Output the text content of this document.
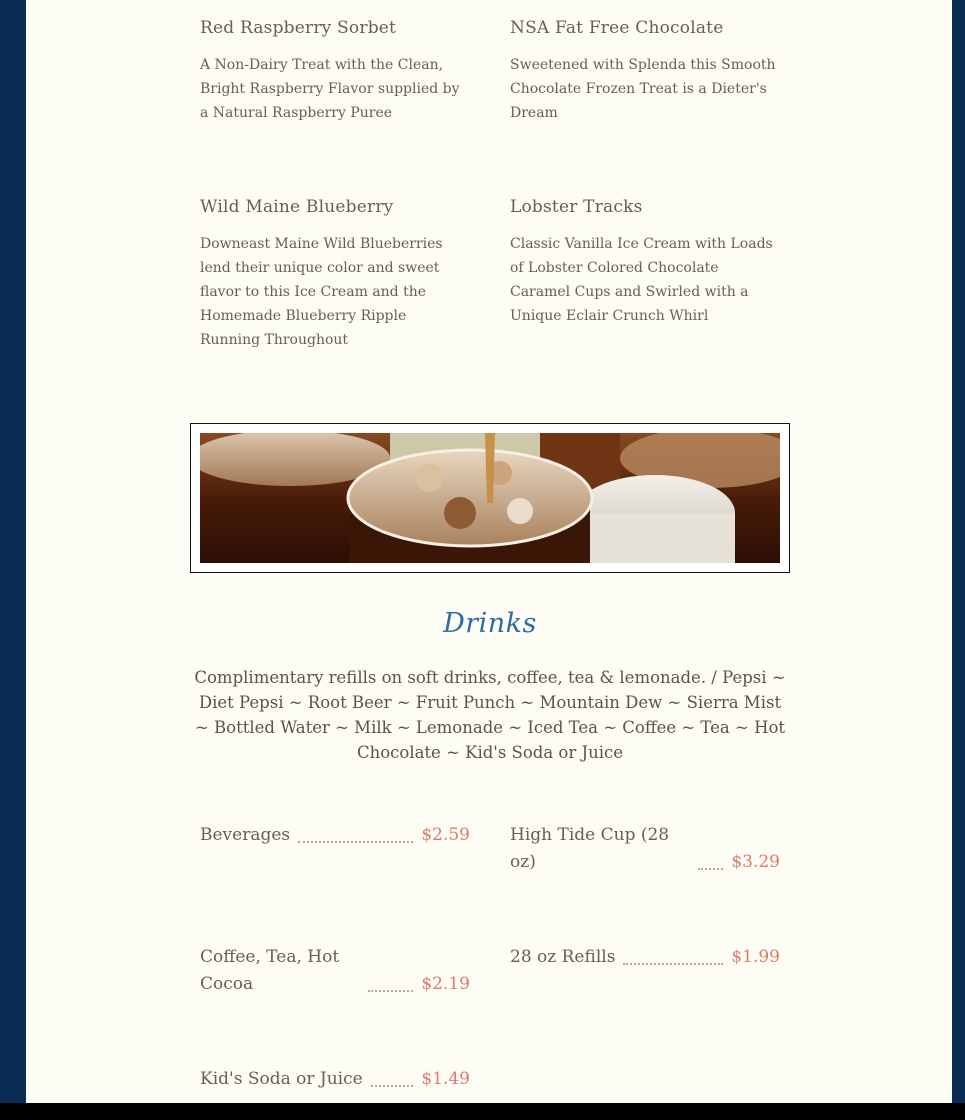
Red Raspberry Sorbet

A Non-Dairy Treat with the Clean, Bright Raspberry Flavor supplied by a Natural Raspberry Puree

NSA Fat Free Chocolate

Sweetened with Splenda this Smooth Chocolate Frozen Treat is a Dieter's Dream

Wild Maine Blueberry

Downeast Maine Wild Blueberries lend their unique color and sweet flavor to this Ice Cream and the Homemade Blueberry Ripple Running Throughout

Lobster Tracks

Classic Vanilla Ice Cream with Loads of Lobster Colored Chocolate Caramel Cups and Swirled with a Unique Eclair Crunch Whirl

Drinks
Complimentary refills on soft drinks, coffee, tea & lemonade. / Pepsi ~ Diet Pepsi ~ Root Beer ~ Fruit Punch ~ Mountain Dew ~ Sierra Mist ~ Bottled Water ~ Milk ~ Lemonade ~ Iced Tea ~ Coffee ~ Tea ~ Hot Chocolate ~ Kid's Soda or Juice
Beverages	$2.59 High Tide Cup (28 oz)	$3.29
Coffee, Tea, Hot Cocoa	$2.19
28 oz Refills	$1.99
Kid's Soda or Juice	$1.49
